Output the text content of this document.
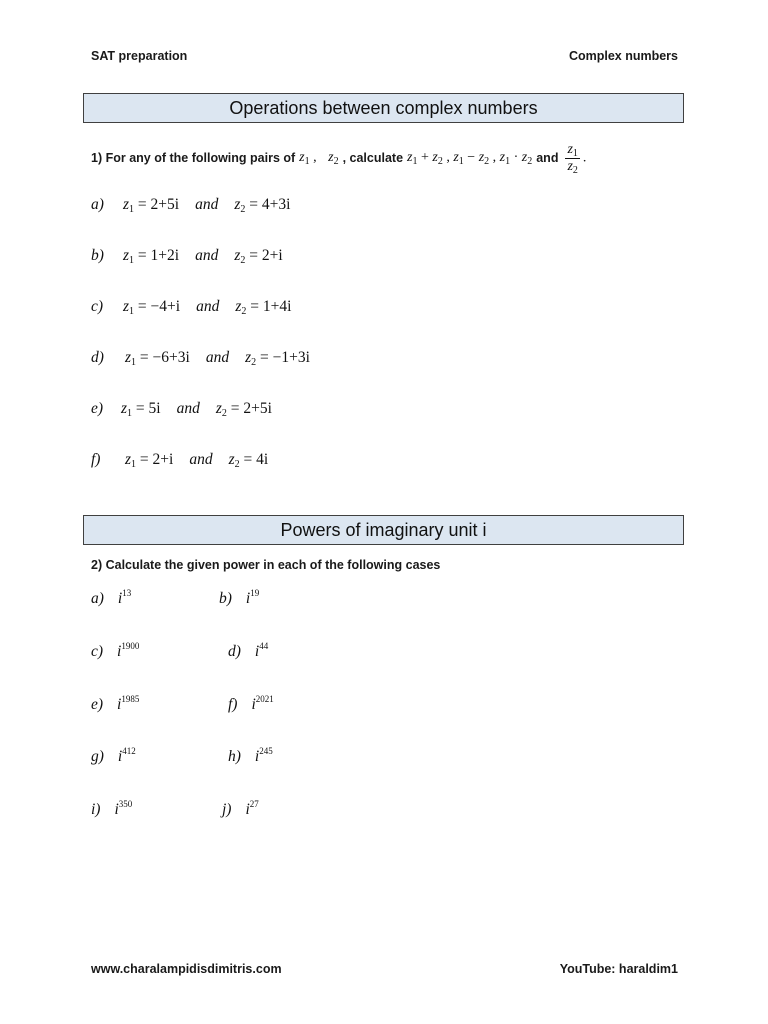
SAT preparation	Complex numbers
Operations between complex numbers
1) For any of the following pairs of $z_1$ , $z_2$ , calculate $z_1 + z_2$ , $z_1 - z_2$ , $z_1 \cdot z_2$ and $\frac{z_1}{z_2}$ .
a) $z_1 = 2+5i$ and $z_2 = 4+3i$
b) $z_1 = 1+2i$ and $z_2 = 2+i$
c) $z_1 = -4+i$ and $z_2 = 1+4i$
d) $z_1 = -6+3i$ and $z_2 = -1+3i$
e) $z_1 = 5i$ and $z_2 = 2+5i$
f) $z_1 = 2+i$ and $z_2 = 4i$
Powers of imaginary unit i
2) Calculate the given power in each of the following cases
a) $i^{13}$	b) $i^{19}$
c) $i^{1900}$	d) $i^{44}$
e) $i^{1985}$	f) $i^{2021}$
g) $i^{412}$	h) $i^{245}$
i) $i^{350}$	j) $i^{27}$
www.charalampidisdimitris.com	YouTube: haraldim1
